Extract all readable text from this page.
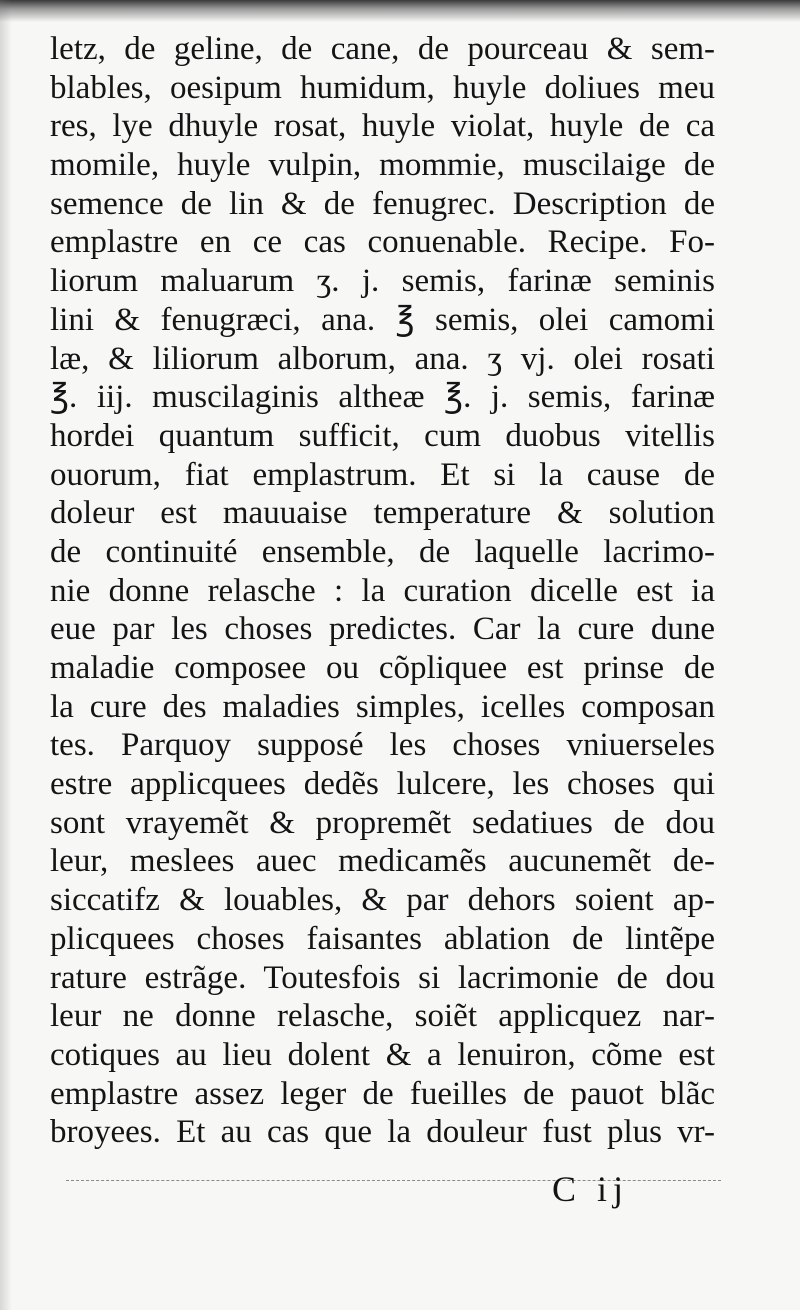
letz, de geline, de cane, de pourceau & sem-
blables, oesipum humidum, huyle doliues meu
res, lye dhuyle rosat, huyle violat, huyle de ca
momile, huyle vulpin, mommie, muscilaige de
semence de lin & de fenugrec. Description de
emplastre en ce cas conuenable. Recipe. Fo-
liorum maluarum ʒ. j. semis, farinæ seminis
lini & fenugræci, ana. ℥ semis, olei camomi
læ, & liliorum alborum, ana. ʒ vj. olei rosati
℥. iij. muscilaginis altheæ ℥. j. semis, farinæ
hordei quantum sufficit, cum duobus vitellis
ouorum, fiat emplastrum. Et si la cause de
doleur est mauuaise temperature & solution
de continuité ensemble, de laquelle lacrimo-
nie donne relasche : la curation dicelle est ia
eue par les choses predictes. Car la cure dune
maladie composee ou cõpliquee est prinse de
la cure des maladies simples, icelles composan
tes. Parquoy supposé les choses vniuerseles
estre applicquees dedẽs lulcere, les choses qui
sont vrayemẽt & propremẽt sedatiues de dou
leur, meslees auec medicamẽs aucunemẽt de-
siccatifz & louables, & par dehors soient ap-
plicquees choses faisantes ablation de lintẽpe
rature estrãge. Toutesfois si lacrimonie de dou
leur ne donne relasche, soiẽt applicquez nar-
cotiques au lieu dolent & a lenuiron, cõme est
emplastre assez leger de fueilles de pauot blãc
broyees. Et au cas que la douleur fust plus vr-
C ij
